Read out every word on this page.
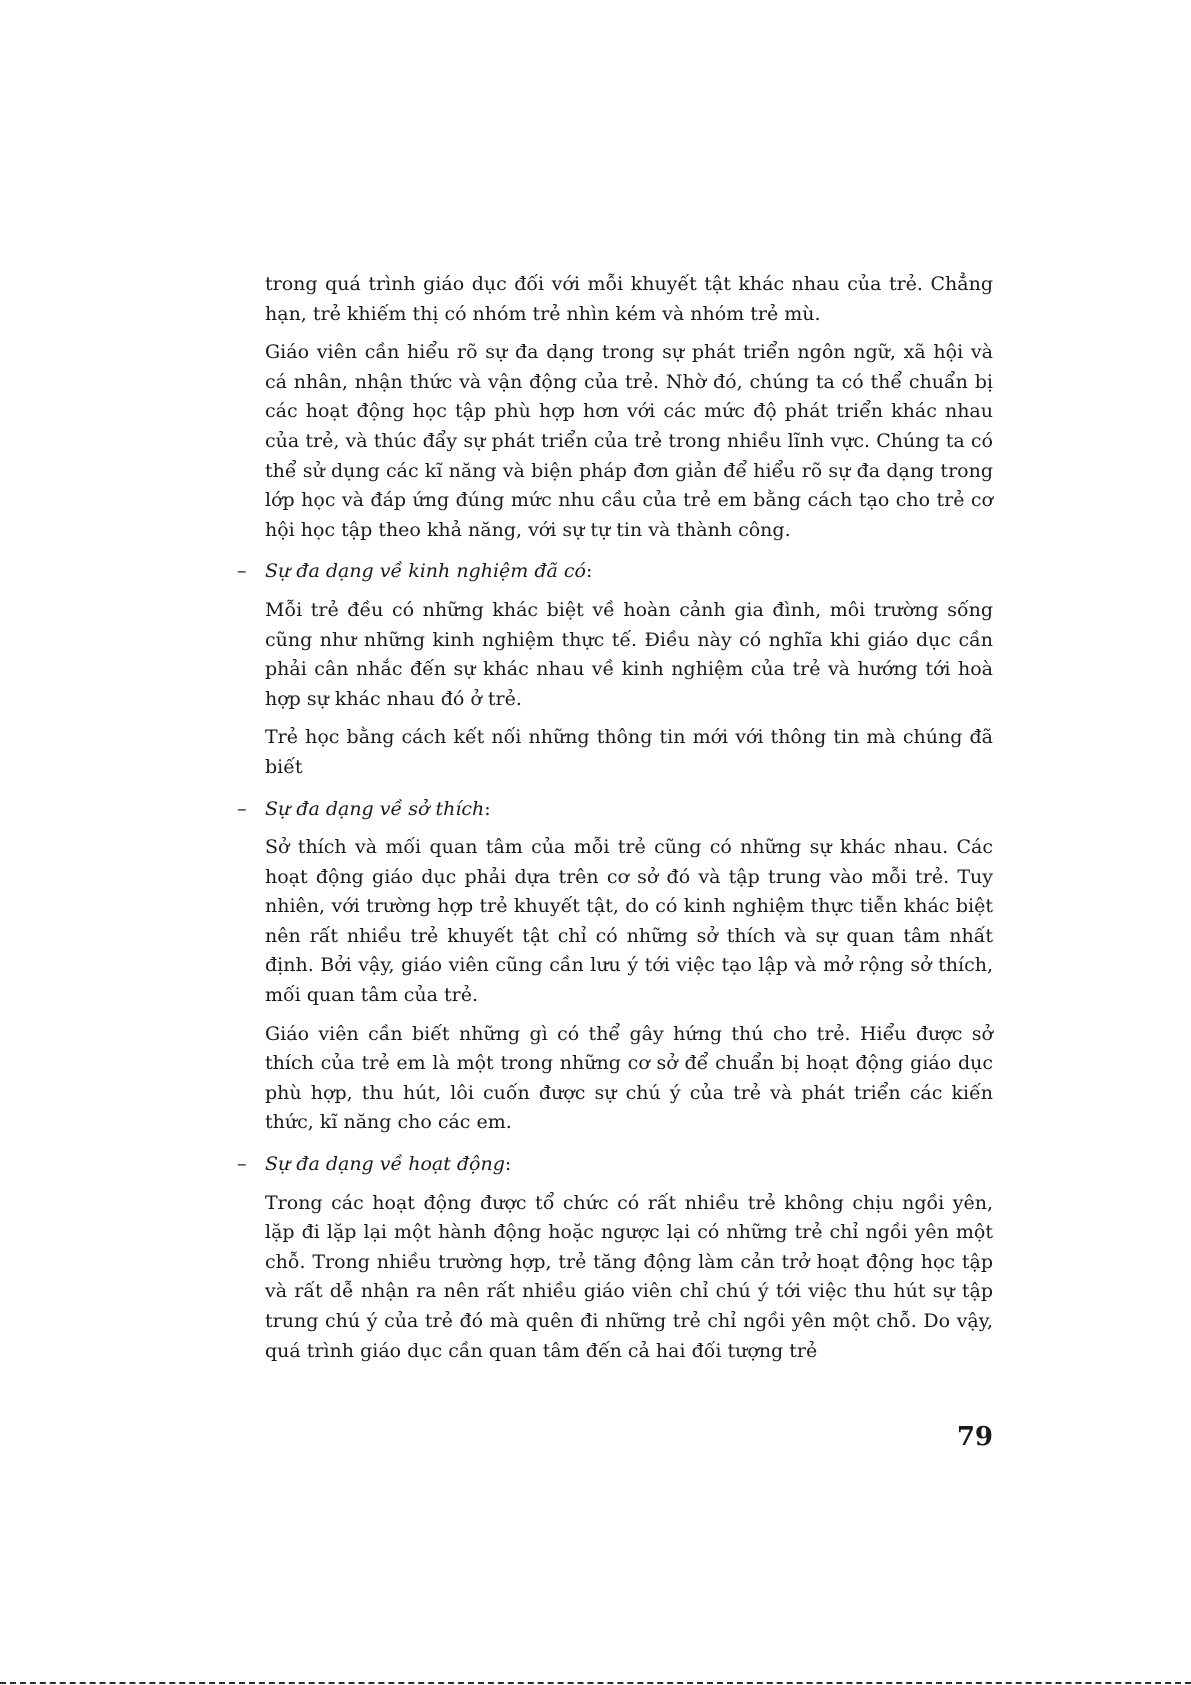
trong quá trình giáo dục đối với mỗi khuyết tật khác nhau của trẻ. Chẳng hạn, trẻ khiếm thị có nhóm trẻ nhìn kém và nhóm trẻ mù.

Giáo viên cần hiểu rõ sự đa dạng trong sự phát triển ngôn ngữ, xã hội và cá nhân, nhận thức và vận động của trẻ. Nhờ đó, chúng ta có thể chuẩn bị các hoạt động học tập phù hợp hơn với các mức độ phát triển khác nhau của trẻ, và thúc đẩy sự phát triển của trẻ trong nhiều lĩnh vực. Chúng ta có thể sử dụng các kĩ năng và biện pháp đơn giản để hiểu rõ sự đa dạng trong lớp học và đáp ứng đúng mức nhu cầu của trẻ em bằng cách tạo cho trẻ cơ hội học tập theo khả năng, với sự tự tin và thành công.

– Sự đa dạng về kinh nghiệm đã có:

Mỗi trẻ đều có những khác biệt về hoàn cảnh gia đình, môi trường sống cũng như những kinh nghiệm thực tế. Điều này có nghĩa khi giáo dục cần phải cân nhắc đến sự khác nhau về kinh nghiệm của trẻ và hướng tới hoà hợp sự khác nhau đó ở trẻ.

Trẻ học bằng cách kết nối những thông tin mới với thông tin mà chúng đã biết

– Sự đa dạng về sở thích:

Sở thích và mối quan tâm của mỗi trẻ cũng có những sự khác nhau. Các hoạt động giáo dục phải dựa trên cơ sở đó và tập trung vào mỗi trẻ. Tuy nhiên, với trường hợp trẻ khuyết tật, do có kinh nghiệm thực tiễn khác biệt nên rất nhiều trẻ khuyết tật chỉ có những sở thích và sự quan tâm nhất định. Bởi vậy, giáo viên cũng cần lưu ý tới việc tạo lập và mở rộng sở thích, mối quan tâm của trẻ.

Giáo viên cần biết những gì có thể gây hứng thú cho trẻ. Hiểu được sở thích của trẻ em là một trong những cơ sở để chuẩn bị hoạt động giáo dục phù hợp, thu hút, lôi cuốn được sự chú ý của trẻ và phát triển các kiến thức, kĩ năng cho các em.

– Sự đa dạng về hoạt động:

Trong các hoạt động được tổ chức có rất nhiều trẻ không chịu ngồi yên, lặp đi lặp lại một hành động hoặc ngược lại có những trẻ chỉ ngồi yên một chỗ. Trong nhiều trường hợp, trẻ tăng động làm cản trở hoạt động học tập và rất dễ nhận ra nên rất nhiều giáo viên chỉ chú ý tới việc thu hút sự tập trung chú ý của trẻ đó mà quên đi những trẻ chỉ ngồi yên một chỗ. Do vậy, quá trình giáo dục cần quan tâm đến cả hai đối tượng trẻ

79
